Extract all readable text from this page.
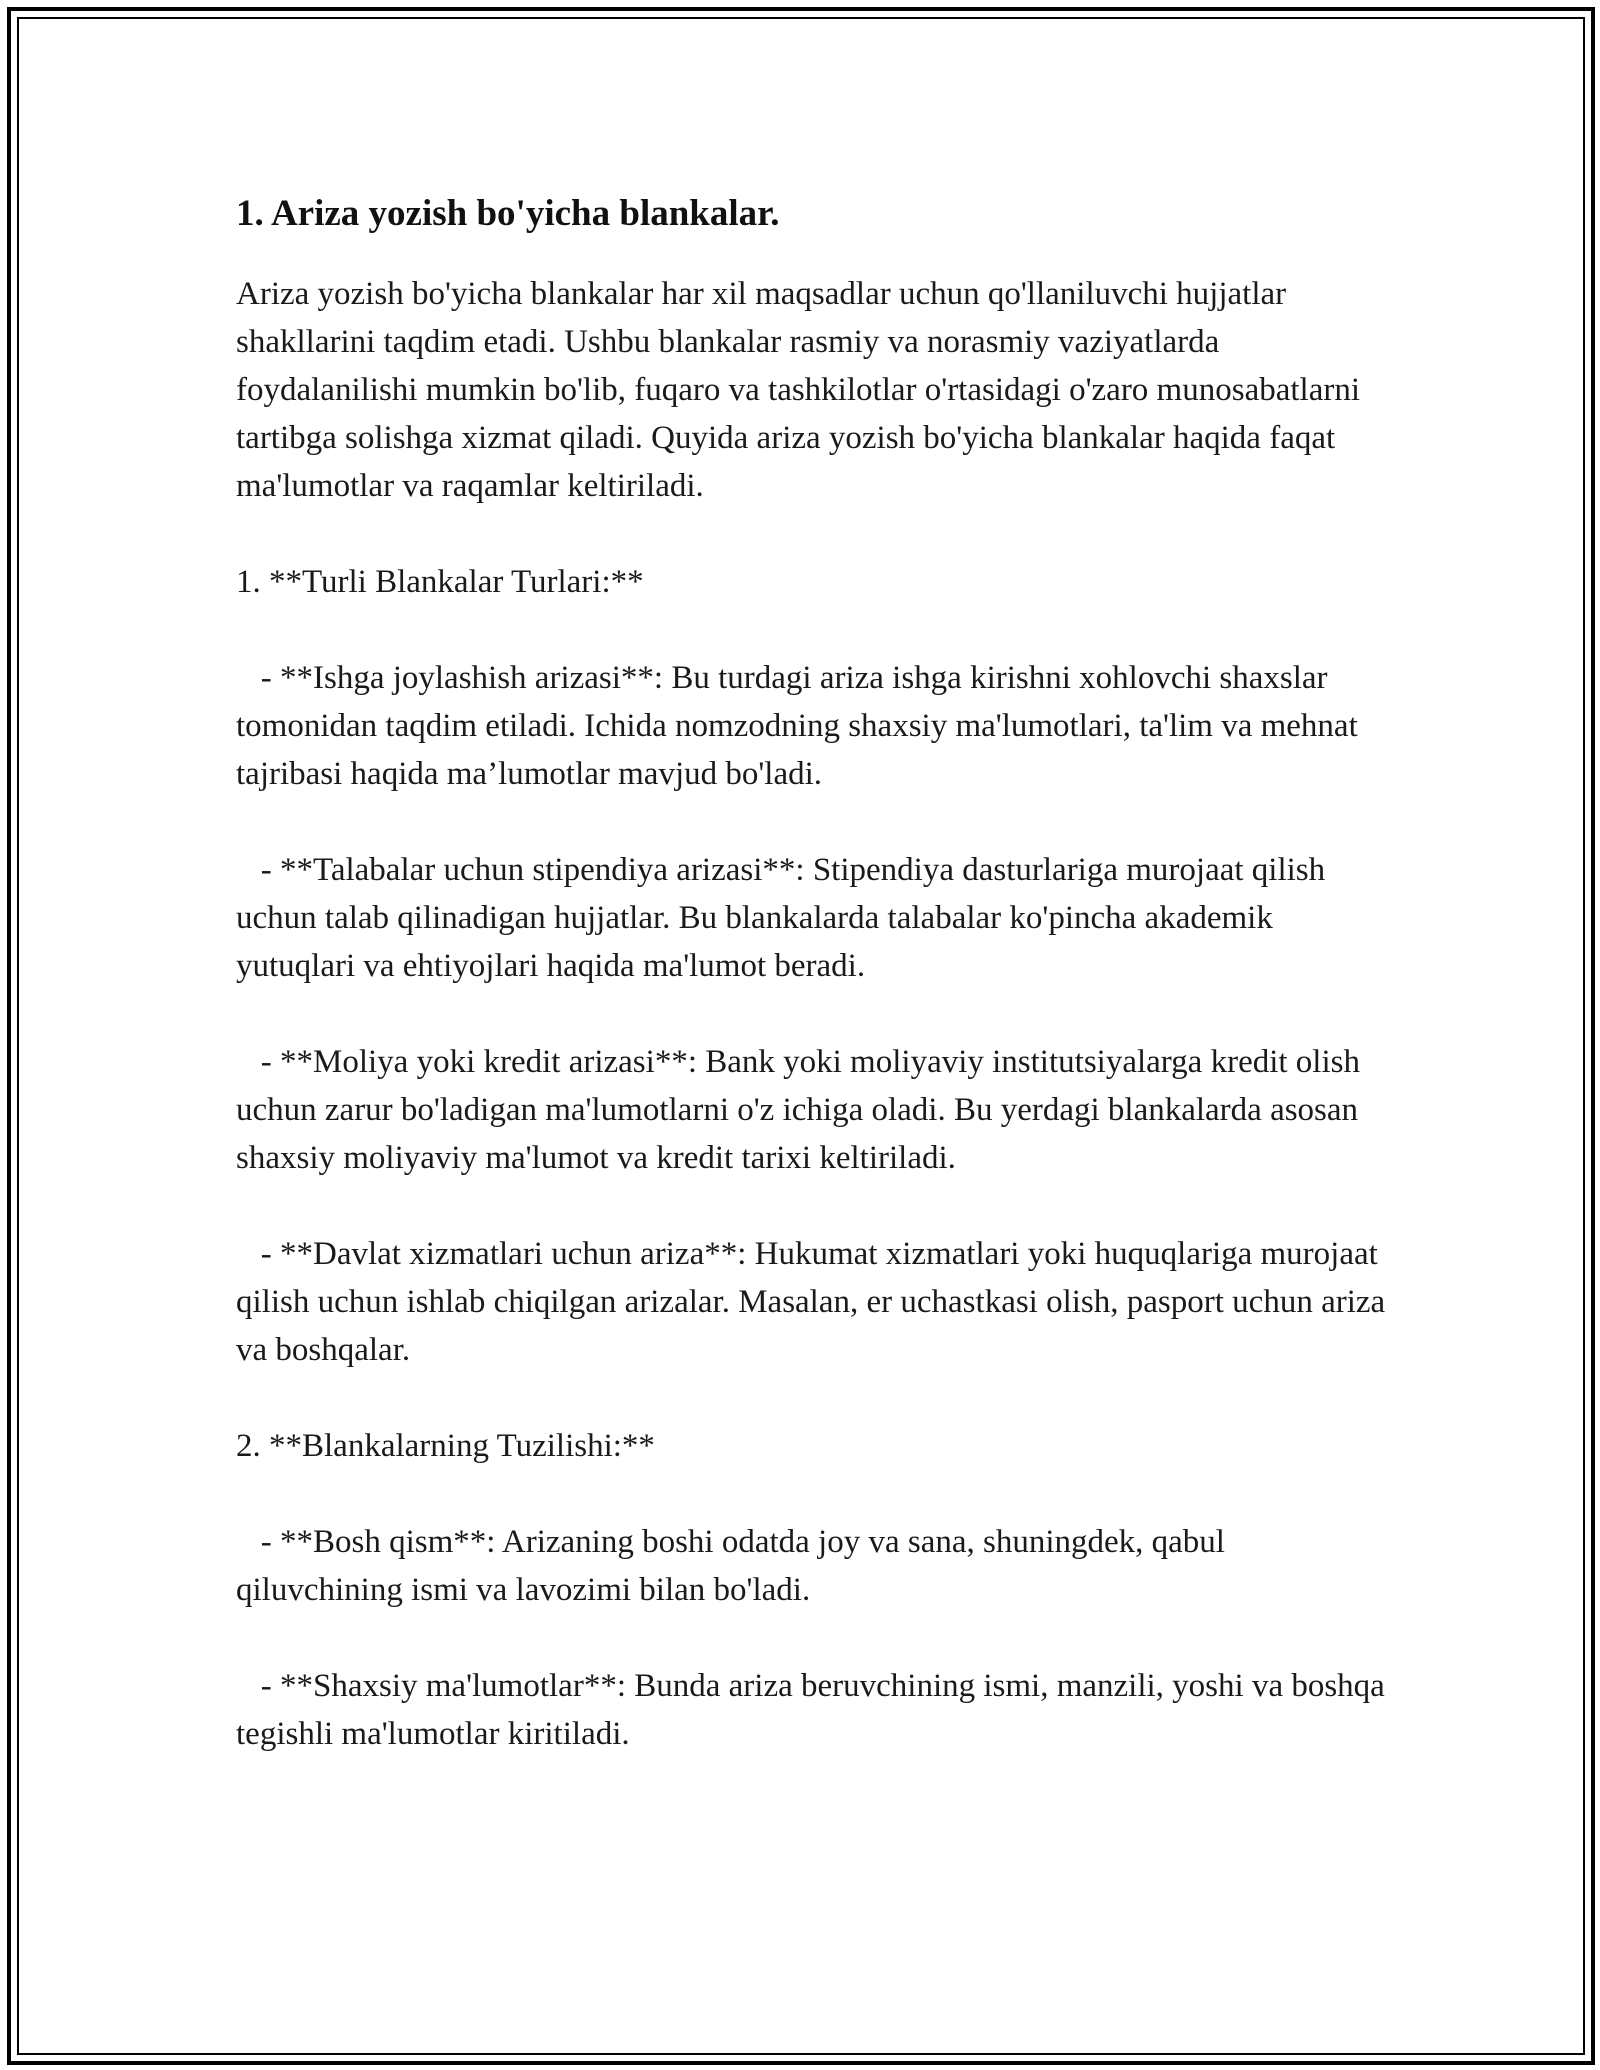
1. Ariza yozish bo'yicha blankalar.

Ariza yozish bo'yicha blankalar har xil maqsadlar uchun qo'llaniluvchi hujjatlar shakllarini taqdim etadi. Ushbu blankalar rasmiy va norasmiy vaziyatlarda foydalanilishi mumkin bo'lib, fuqaro va tashkilotlar o'rtasidagi o'zaro munosabatlarni tartibga solishga xizmat qiladi. Quyida ariza yozish bo'yicha blankalar haqida faqat ma'lumotlar va raqamlar keltiriladi.

1. **Turli Blankalar Turlari:**

- **Ishga joylashish arizasi**: Bu turdagi ariza ishga kirishni xohlovchi shaxslar tomonidan taqdim etiladi. Ichida nomzodning shaxsiy ma'lumotlari, ta'lim va mehnat tajribasi haqida ma’lumotlar mavjud bo'ladi.

- **Talabalar uchun stipendiya arizasi**: Stipendiya dasturlariga murojaat qilish uchun talab qilinadigan hujjatlar. Bu blankalarda talabalar ko'pincha akademik yutuqlari va ehtiyojlari haqida ma'lumot beradi.

- **Moliya yoki kredit arizasi**: Bank yoki moliyaviy institutsiyalarga kredit olish uchun zarur bo'ladigan ma'lumotlarni o'z ichiga oladi. Bu yerdagi blankalarda asosan shaxsiy moliyaviy ma'lumot va kredit tarixi keltiriladi.

- **Davlat xizmatlari uchun ariza**: Hukumat xizmatlari yoki huquqlariga murojaat qilish uchun ishlab chiqilgan arizalar. Masalan, er uchastkasi olish, pasport uchun ariza va boshqalar.

2. **Blankalarning Tuzilishi:**

- **Bosh qism**: Arizaning boshi odatda joy va sana, shuningdek, qabul qiluvchining ismi va lavozimi bilan bo'ladi.

- **Shaxsiy ma'lumotlar**: Bunda ariza beruvchining ismi, manzili, yoshi va boshqa tegishli ma'lumotlar kiritiladi.
